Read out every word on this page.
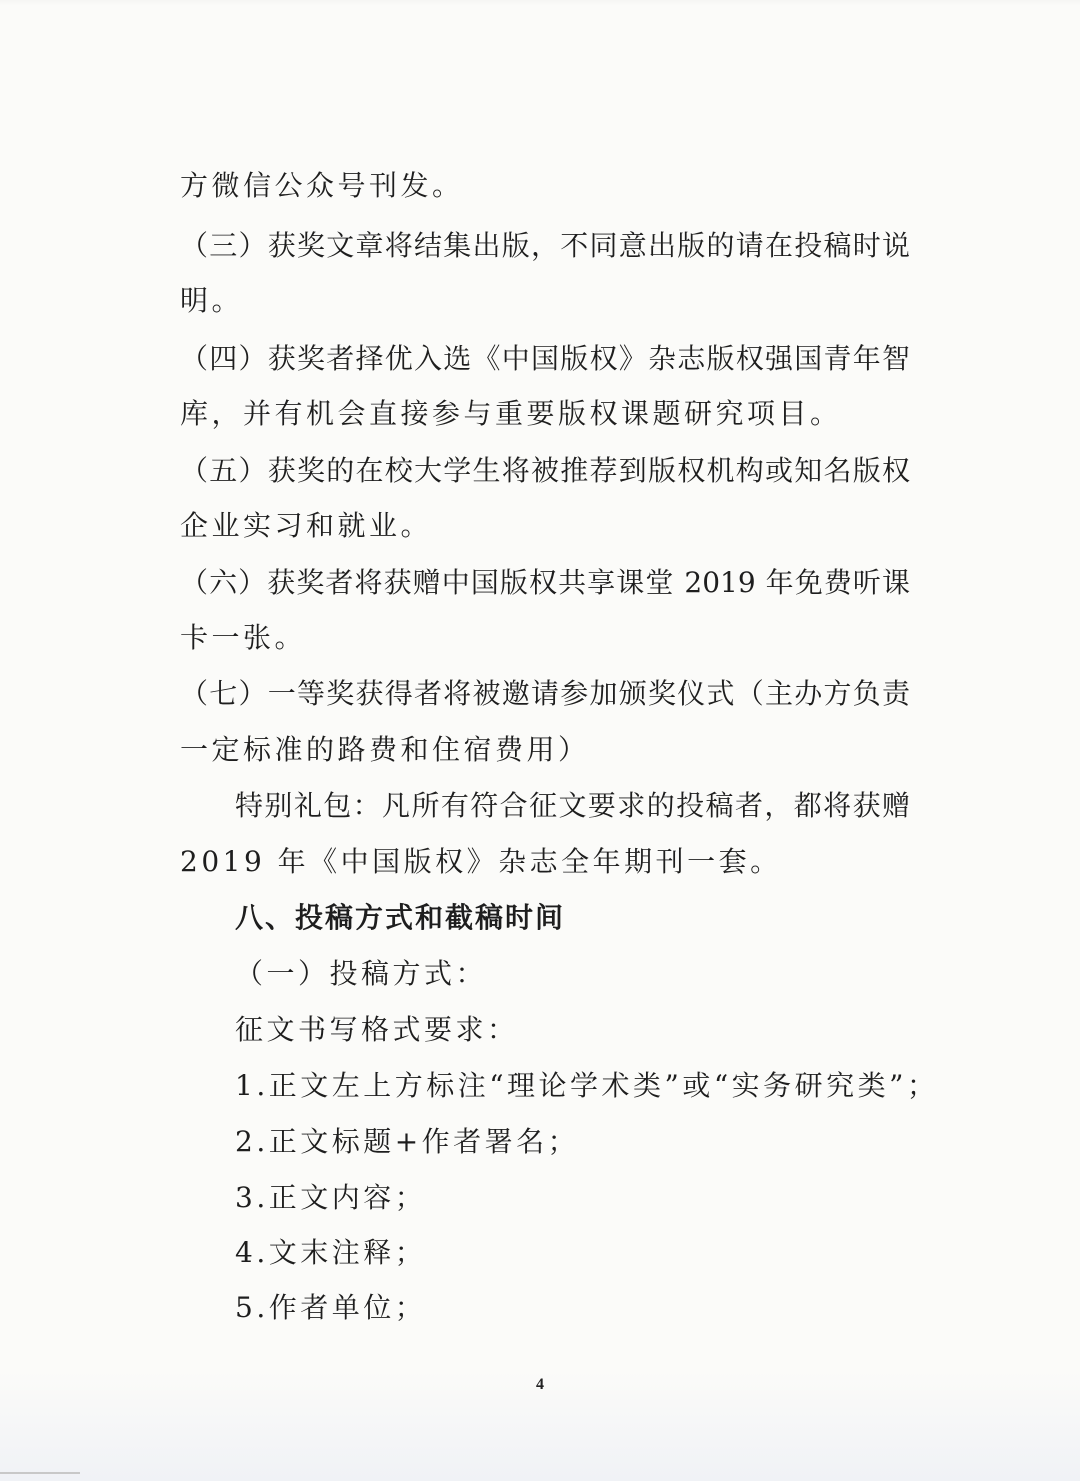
方微信公众号刊发。
（三）获奖文章将结集出版，不同意出版的请在投稿时说
明。
（四）获奖者择优入选《中国版权》杂志版权强国青年智
库，并有机会直接参与重要版权课题研究项目。
（五）获奖的在校大学生将被推荐到版权机构或知名版权
企业实习和就业。
（六）获奖者将获赠中国版权共享课堂 2019 年免费听课
卡一张。
（七）一等奖获得者将被邀请参加颁奖仪式（主办方负责
一定标准的路费和住宿费用）
特别礼包：凡所有符合征文要求的投稿者，都将获赠
2019 年《中国版权》杂志全年期刊一套。
八、投稿方式和截稿时间
（一）投稿方式：
征文书写格式要求：
1.正文左上方标注“理论学术类”或“实务研究类”；
2.正文标题+作者署名；
3.正文内容；
4.文末注释；
5.作者单位；
4
